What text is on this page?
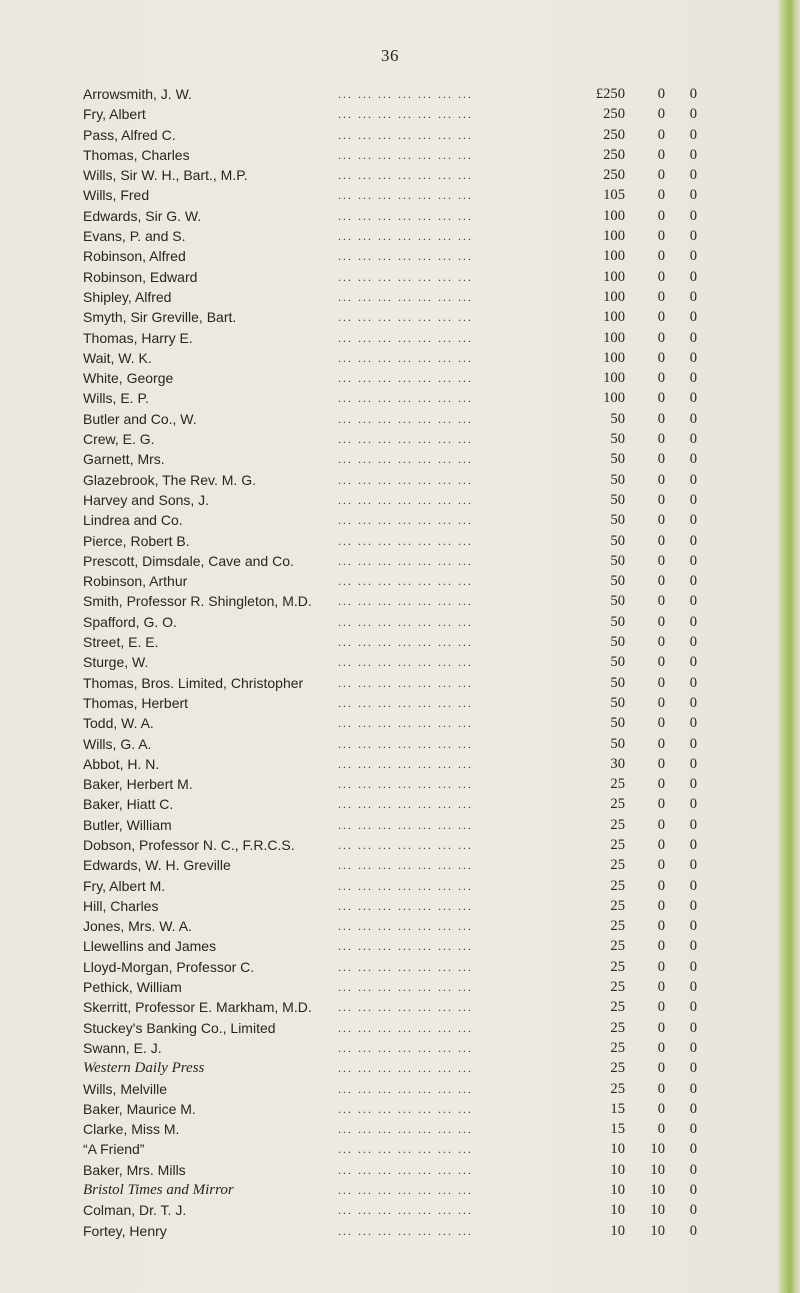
36
Arrowsmith, J. W.	... ... ... ... ... ... ...	£250	0	0
Fry, Albert	... ... ... ... ... ... ...	250	0	0
Pass, Alfred C.	... ... ... ... ... ... ...	250	0	0
Thomas, Charles	... ... ... ... ... ... ...	250	0	0
Wills, Sir W. H., Bart., M.P.	... ... ... ... ... ... ...	250	0	0
Wills, Fred	... ... ... ... ... ... ...	105	0	0
Edwards, Sir G. W.	... ... ... ... ... ... ...	100	0	0
Evans, P. and S.	... ... ... ... ... ... ...	100	0	0
Robinson, Alfred	... ... ... ... ... ... ...	100	0	0
Robinson, Edward	... ... ... ... ... ... ...	100	0	0
Shipley, Alfred	... ... ... ... ... ... ...	100	0	0
Smyth, Sir Greville, Bart.	... ... ... ... ... ... ...	100	0	0
Thomas, Harry E.	... ... ... ... ... ... ...	100	0	0
Wait, W. K.	... ... ... ... ... ... ...	100	0	0
White, George	... ... ... ... ... ... ...	100	0	0
Wills, E. P.	... ... ... ... ... ... ...	100	0	0
Butler and Co., W.	... ... ... ... ... ... ...	50	0	0
Crew, E. G.	... ... ... ... ... ... ...	50	0	0
Garnett, Mrs.	... ... ... ... ... ... ...	50	0	0
Glazebrook, The Rev. M. G.	... ... ... ... ... ... ...	50	0	0
Harvey and Sons, J.	... ... ... ... ... ... ...	50	0	0
Lindrea and Co.	... ... ... ... ... ... ...	50	0	0
Pierce, Robert B.	... ... ... ... ... ... ...	50	0	0
Prescott, Dimsdale, Cave and Co.	... ... ... ... ... ... ...	50	0	0
Robinson, Arthur	... ... ... ... ... ... ...	50	0	0
Smith, Professor R. Shingleton, M.D. ... ... ... ... ... ... ...	50	0	0
Spafford, G. O.	... ... ... ... ... ... ...	50	0	0
Street, E. E.	... ... ... ... ... ... ...	50	0	0
Sturge, W.	... ... ... ... ... ... ...	50	0	0
Thomas, Bros. Limited, Christopher	... ... ... ... ... ... ...	50	0	0
Thomas, Herbert	... ... ... ... ... ... ...	50	0	0
Todd, W. A.	... ... ... ... ... ... ...	50	0	0
Wills, G. A.	... ... ... ... ... ... ...	50	0	0
Abbot, H. N.	... ... ... ... ... ... ...	30	0	0
Baker, Herbert M.	... ... ... ... ... ... ...	25	0	0
Baker, Hiatt C.	... ... ... ... ... ... ...	25	0	0
Butler, William	... ... ... ... ... ... ...	25	0	0
Dobson, Professor N. C., F.R.C.S.	... ... ... ... ... ... ...	25	0	0
Edwards, W. H. Greville	... ... ... ... ... ... ...	25	0	0
Fry, Albert M.	... ... ... ... ... ... ...	25	0	0
Hill, Charles	... ... ... ... ... ... ...	25	0	0
Jones, Mrs. W. A.	... ... ... ... ... ... ...	25	0	0
Llewellins and James	... ... ... ... ... ... ...	25	0	0
Lloyd-Morgan, Professor C.	... ... ... ... ... ... ...	25	0	0
Pethick, William	... ... ... ... ... ... ...	25	0	0
Skerritt, Professor E. Markham, M.D. ... ... ... ... ... ... ...	25	0	0
Stuckey's Banking Co., Limited	... ... ... ... ... ... ...	25	0	0
Swann, E. J.	... ... ... ... ... ... ...	25	0	0
Western Daily Press	... ... ... ... ... ... ...	25	0	0
Wills, Melville	... ... ... ... ... ... ...	25	0	0
Baker, Maurice M.	... ... ... ... ... ... ...	15	0	0
Clarke, Miss M.	... ... ... ... ... ... ...	15	0	0
“A Friend”	... ... ... ... ... ... ...	10	10	0
Baker, Mrs. Mills	... ... ... ... ... ... ...	10	10	0
Bristol Times and Mirror	... ... ... ... ... ... ...	10	10	0
Colman, Dr. T. J.	... ... ... ... ... ... ...	10	10	0
Fortey, Henry	... ... ... ... ... ... ...	10	10	0
